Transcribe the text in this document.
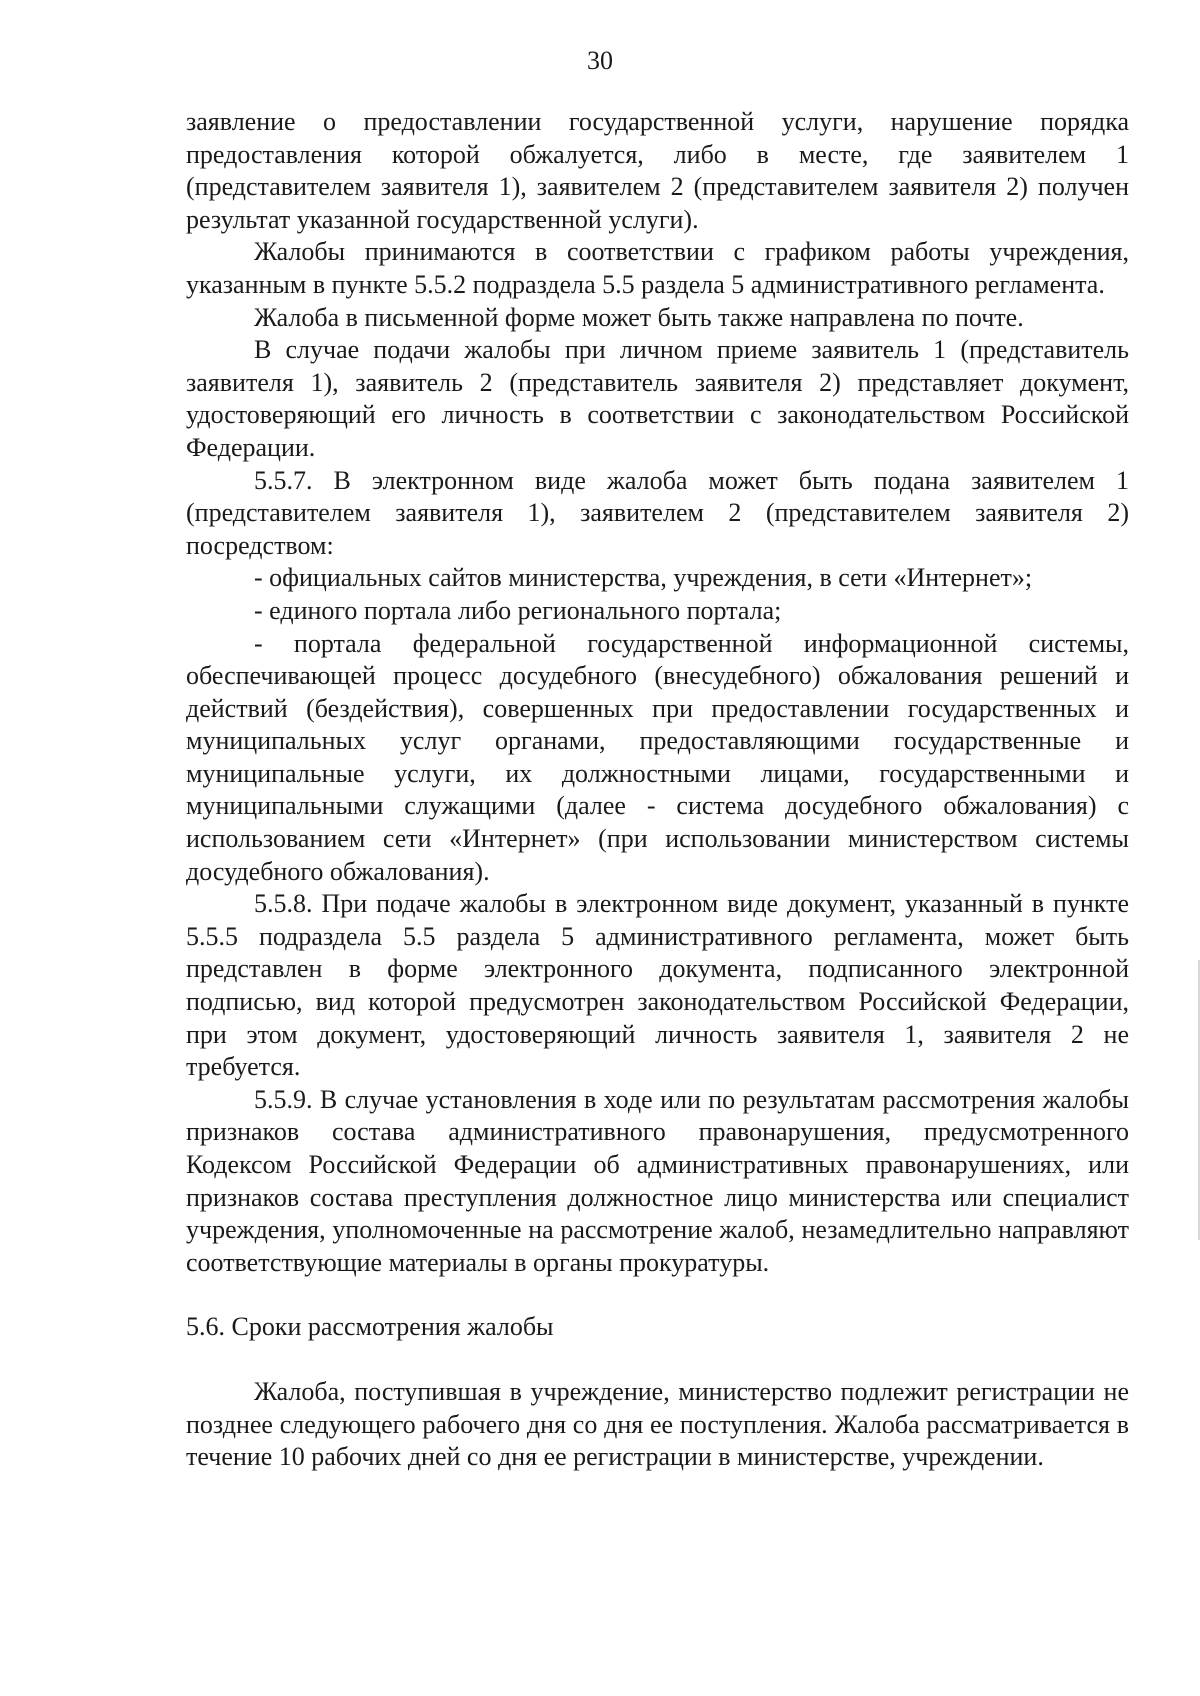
30

заявление о предоставлении государственной услуги, нарушение порядка предоставления которой обжалуется, либо в месте, где заявителем 1 (представителем заявителя 1), заявителем 2 (представителем заявителя 2) получен результат указанной государственной услуги).

Жалобы принимаются в соответствии с графиком работы учреждения, указанным в пункте 5.5.2 подраздела 5.5 раздела 5 административного регламента.

Жалоба в письменной форме может быть также направлена по почте.

В случае подачи жалобы при личном приеме заявитель 1 (представитель заявителя 1), заявитель 2 (представитель заявителя 2) представляет документ, удостоверяющий его личность в соответствии с законодательством Российской Федерации.

5.5.7. В электронном виде жалоба может быть подана заявителем 1 (представителем заявителя 1), заявителем 2 (представителем заявителя 2) посредством:

- официальных сайтов министерства, учреждения, в сети «Интернет»;

- единого портала либо регионального портала;

- портала федеральной государственной информационной системы, обеспечивающей процесс досудебного (внесудебного) обжалования решений и действий (бездействия), совершенных при предоставлении государственных и муниципальных услуг органами, предоставляющими государственные и муниципальные услуги, их должностными лицами, государственными и муниципальными служащими (далее - система досудебного обжалования) с использованием сети «Интернет» (при использовании министерством системы досудебного обжалования).

5.5.8. При подаче жалобы в электронном виде документ, указанный в пункте 5.5.5 подраздела 5.5 раздела 5 административного регламента, может быть представлен в форме электронного документа, подписанного электронной подписью, вид которой предусмотрен законодательством Российской Федерации, при этом документ, удостоверяющий личность заявителя 1, заявителя 2 не требуется.

5.5.9. В случае установления в ходе или по результатам рассмотрения жалобы признаков состава административного правонарушения, предусмотренного Кодексом Российской Федерации об административных правонарушениях, или признаков состава преступления должностное лицо министерства или специалист учреждения, уполномоченные на рассмотрение жалоб, незамедлительно направляют соответствующие материалы в органы прокуратуры.

5.6. Сроки рассмотрения жалобы

Жалоба, поступившая в учреждение, министерство подлежит регистрации не позднее следующего рабочего дня со дня ее поступления. Жалоба рассматривается в течение 10 рабочих дней со дня ее регистрации в министерстве, учреждении.
